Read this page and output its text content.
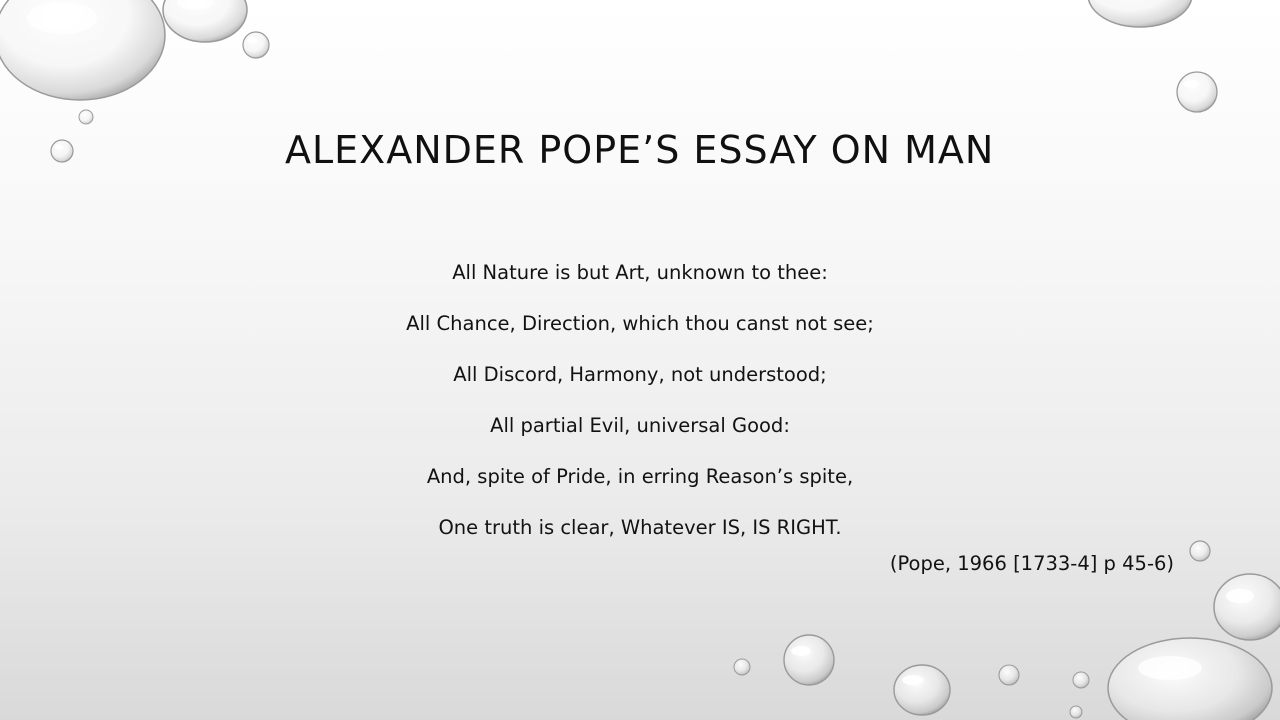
ALEXANDER POPE’S ESSAY ON MAN
All Nature is but Art, unknown to thee:
All Chance, Direction, which thou canst not see;
All Discord, Harmony, not understood;
All partial Evil, universal Good:
And, spite of Pride, in erring Reason’s spite,
One truth is clear, Whatever IS, IS RIGHT.

(Pope, 1966 [1733-4] p 45-6)
